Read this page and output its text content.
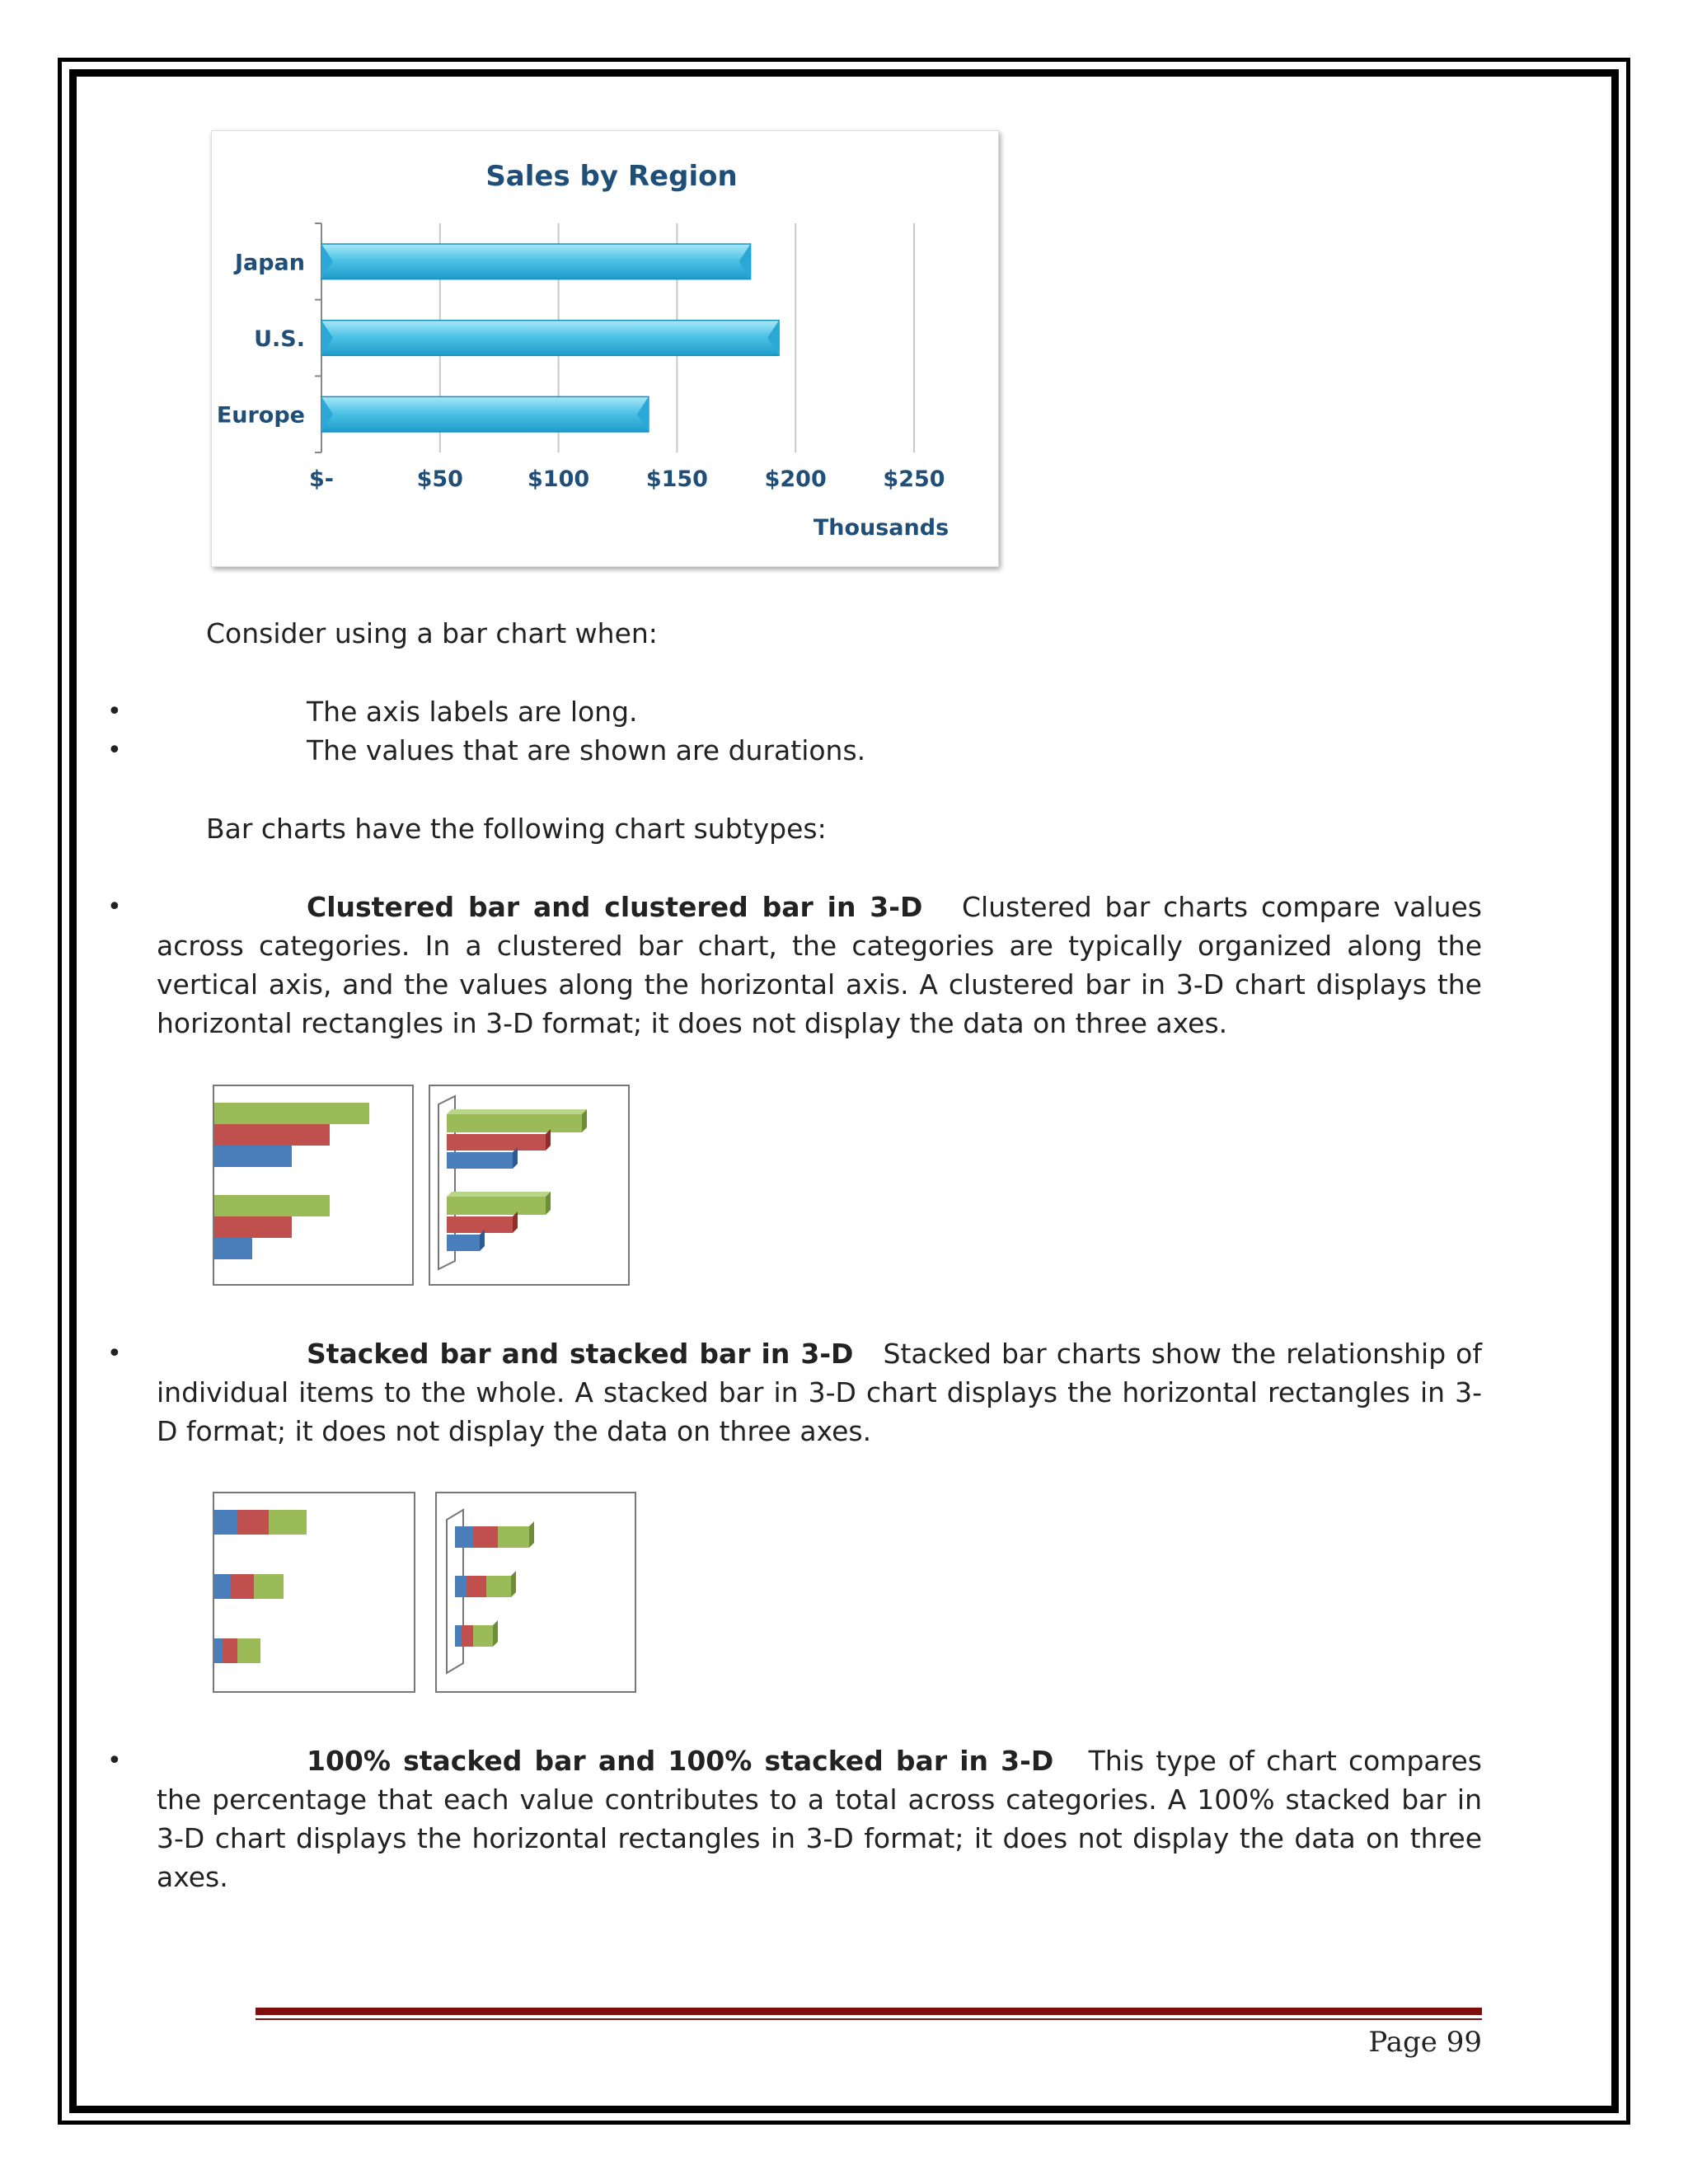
Sales by Region
$-	$50	$100	$150	$200	$250
Japan
U.S.
Europe
Thousands
Consider using a bar chart when:
•	The axis labels are long.
•	The values that are shown are durations.
Bar charts have the following chart subtypes:
•	Clustered bar and clustered bar in 3-D Clustered bar charts compare values across categories. In a clustered bar chart, the categories are typically organized along the vertical axis, and the values along the horizontal axis. A clustered bar in 3-D chart displays the horizontal rectangles in 3-D format; it does not display the data on three axes.
•	Stacked bar and stacked bar in 3-D Stacked bar charts show the relationship of individual items to the whole. A stacked bar in 3-D chart displays the horizontal rectangles in 3-D format; it does not display the data on three axes.
•	100% stacked bar and 100% stacked bar in 3-D This type of chart compares the percentage that each value contributes to a total across categories. A 100% stacked bar in 3-D chart displays the horizontal rectangles in 3-D format; it does not display the data on three axes.
Page 99
